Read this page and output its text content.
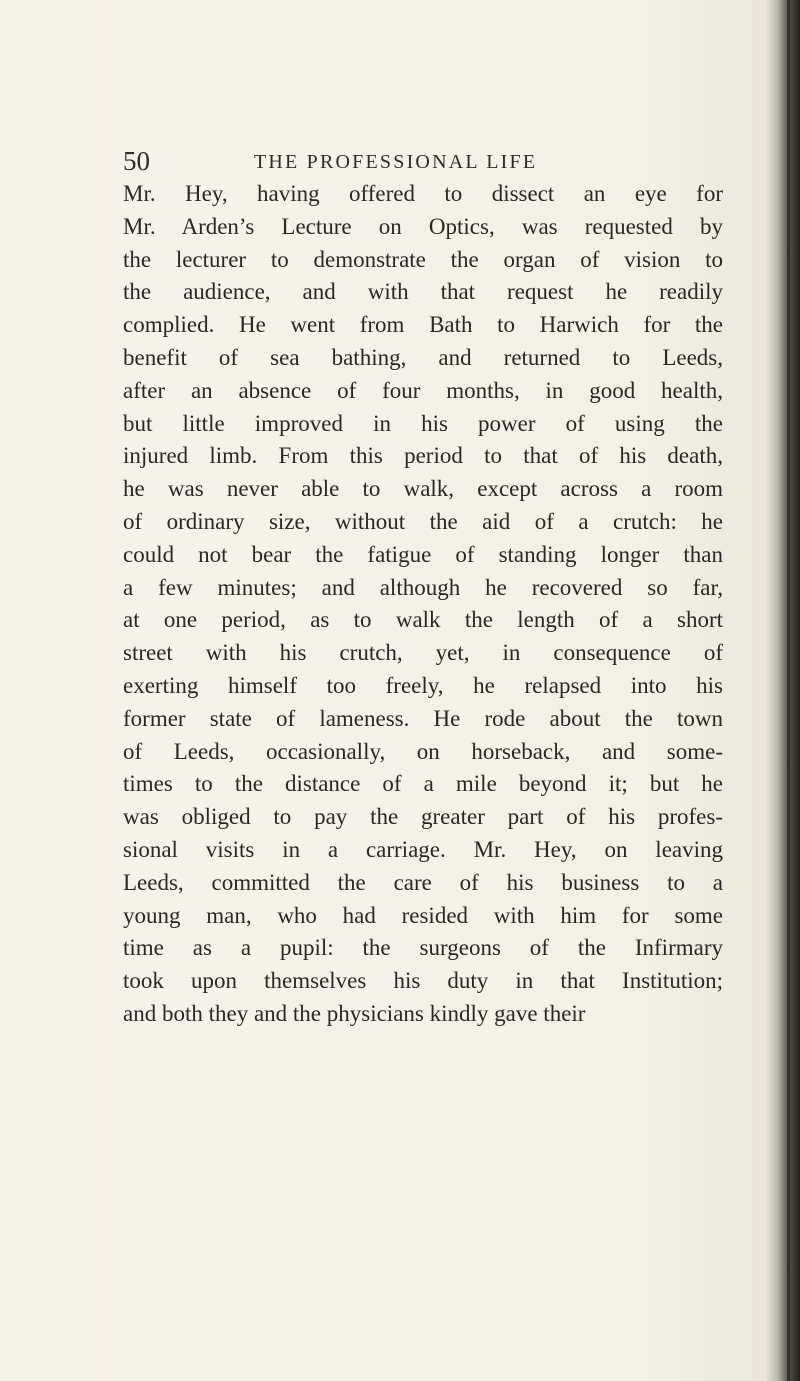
50	THE PROFESSIONAL LIFE

Mr. Hey, having offered to dissect an eye for
Mr. Arden’s Lecture on Optics, was requested by
the lecturer to demonstrate the organ of vision to
the audience, and with that request he readily
complied. He went from Bath to Harwich for the
benefit of sea bathing, and returned to Leeds,
after an absence of four months, in good health,
but little improved in his power of using the
injured limb. From this period to that of his death,
he was never able to walk, except across a room
of ordinary size, without the aid of a crutch: he
could not bear the fatigue of standing longer than
a few minutes; and although he recovered so far,
at one period, as to walk the length of a short
street with his crutch, yet, in consequence of
exerting himself too freely, he relapsed into his
former state of lameness. He rode about the town
of Leeds, occasionally, on horseback, and some-
times to the distance of a mile beyond it; but he
was obliged to pay the greater part of his profes-
sional visits in a carriage. Mr. Hey, on leaving
Leeds, committed the care of his business to a
young man, who had resided with him for some
time as a pupil: the surgeons of the Infirmary
took upon themselves his duty in that Institution;
and both they and the physicians kindly gave their
